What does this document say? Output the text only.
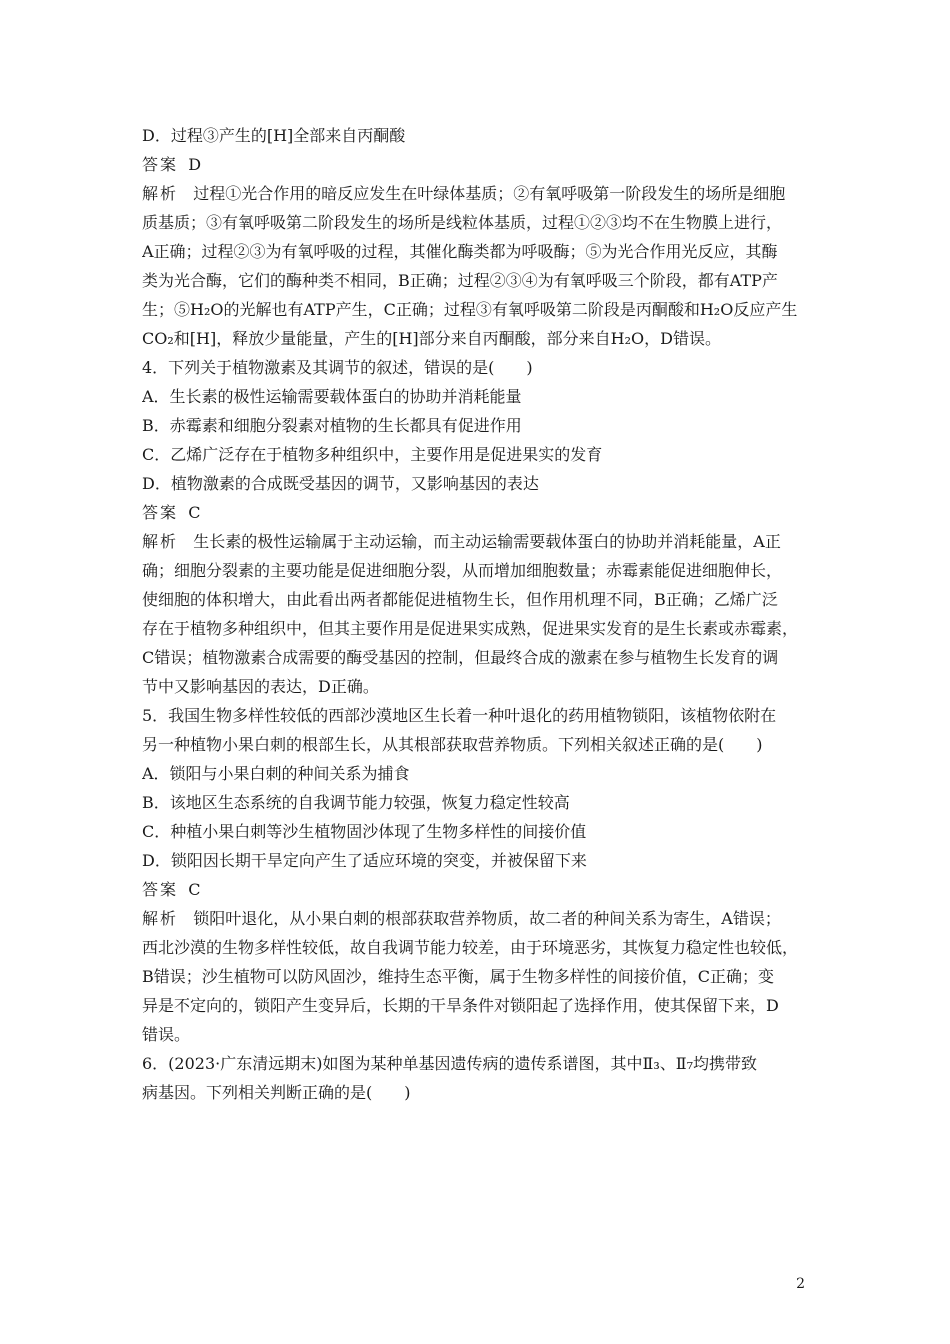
D．过程③产生的[H]全部来自丙酮酸
答案 D
解析 过程①光合作用的暗反应发生在叶绿体基质；②有氧呼吸第一阶段发生的场所是细胞
质基质；③有氧呼吸第二阶段发生的场所是线粒体基质，过程①②③均不在生物膜上进行，
A正确；过程②③为有氧呼吸的过程，其催化酶类都为呼吸酶；⑤为光合作用光反应，其酶
类为光合酶，它们的酶种类不相同，B正确；过程②③④为有氧呼吸三个阶段，都有ATP产
生；⑤H₂O的光解也有ATP产生，C正确；过程③有氧呼吸第二阶段是丙酮酸和H₂O反应产生
CO₂和[H]，释放少量能量，产生的[H]部分来自丙酮酸，部分来自H₂O，D错误。
4．下列关于植物激素及其调节的叙述，错误的是(　　)
A．生长素的极性运输需要载体蛋白的协助并消耗能量
B．赤霉素和细胞分裂素对植物的生长都具有促进作用
C．乙烯广泛存在于植物多种组织中，主要作用是促进果实的发育
D．植物激素的合成既受基因的调节，又影响基因的表达
答案 C
解析 生长素的极性运输属于主动运输，而主动运输需要载体蛋白的协助并消耗能量，A正
确；细胞分裂素的主要功能是促进细胞分裂，从而增加细胞数量；赤霉素能促进细胞伸长，
使细胞的体积增大，由此看出两者都能促进植物生长，但作用机理不同，B正确；乙烯广泛
存在于植物多种组织中，但其主要作用是促进果实成熟，促进果实发育的是生长素或赤霉素，
C错误；植物激素合成需要的酶受基因的控制，但最终合成的激素在参与植物生长发育的调
节中又影响基因的表达，D正确。
5．我国生物多样性较低的西部沙漠地区生长着一种叶退化的药用植物锁阳，该植物依附在
另一种植物小果白刺的根部生长，从其根部获取营养物质。下列相关叙述正确的是(　　)
A．锁阳与小果白刺的种间关系为捕食
B．该地区生态系统的自我调节能力较强，恢复力稳定性较高
C．种植小果白刺等沙生植物固沙体现了生物多样性的间接价值
D．锁阳因长期干旱定向产生了适应环境的突变，并被保留下来
答案 C
解析 锁阳叶退化，从小果白刺的根部获取营养物质，故二者的种间关系为寄生，A错误；
西北沙漠的生物多样性较低，故自我调节能力较差，由于环境恶劣，其恢复力稳定性也较低，
B错误；沙生植物可以防风固沙，维持生态平衡，属于生物多样性的间接价值，C正确；变
异是不定向的，锁阳产生变异后，长期的干旱条件对锁阳起了选择作用，使其保留下来，D
错误。
6．(2023·广东清远期末)如图为某种单基因遗传病的遗传系谱图，其中Ⅱ₃、Ⅱ₇均携带致
病基因。下列相关判断正确的是(　　)
2
